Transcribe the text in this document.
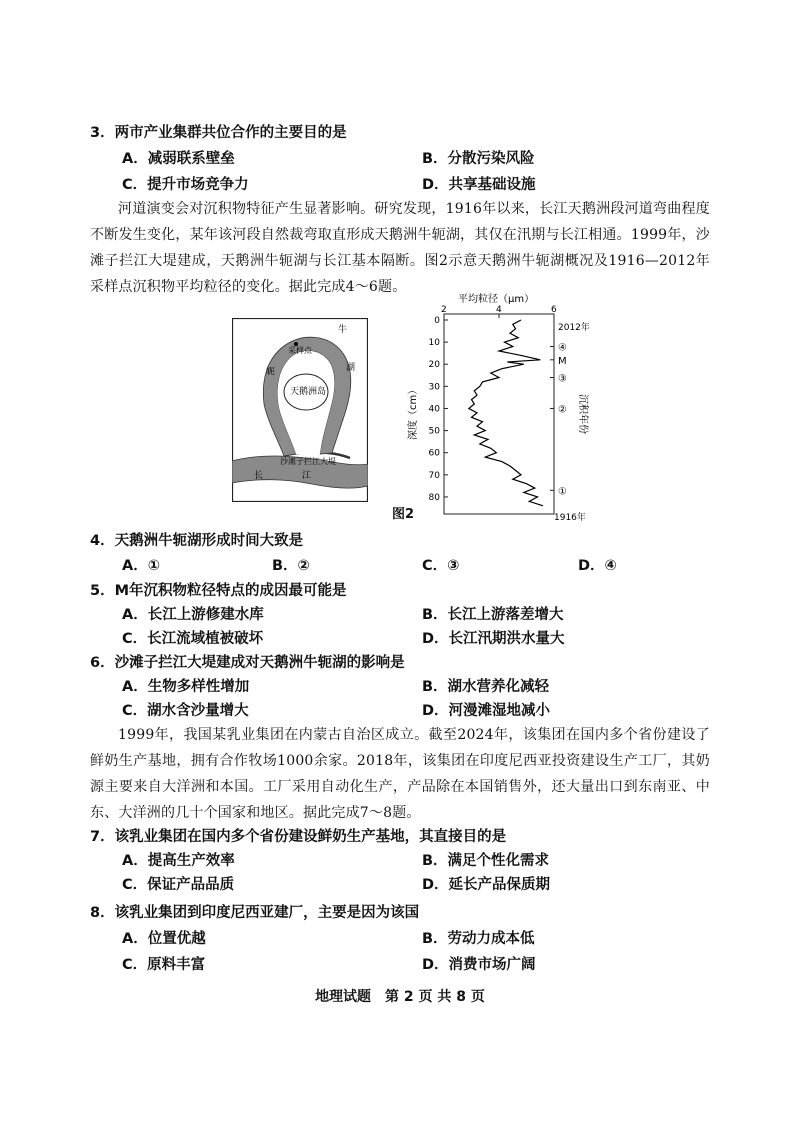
3．两市产业集群共位合作的主要目的是
A．减弱联系壁垒	B．分散污染风险
C．提升市场竞争力	D．共享基础设施
河道演变会对沉积物特征产生显著影响。研究发现，1916年以来，长江天鹅洲段河道弯曲程度不断发生变化，某年该河段自然裁弯取直形成天鹅洲牛轭湖，其仅在汛期与长江相通。1999年，沙滩子拦江大堤建成，天鹅洲牛轭湖与长江基本隔断。图2示意天鹅洲牛轭湖概况及1916—2012年采样点沉积物平均粒径的变化。据此完成4～6题。
采样点
牛
轭	湖
天鹅洲岛
沙滩子拦江大堤
长	江
平均粒径（μm）
深度（cm）	沉积年份
2012年
1916年
2	4	6
0
10
20
30
40
50
60
70
80
④
M
③
②
①
图2
4．天鹅洲牛轭湖形成时间大致是
A．①	B．②	C．③	D．④
5．M年沉积物粒径特点的成因最可能是
A．长江上游修建水库	B．长江上游落差增大
C．长江流域植被破坏	D．长江汛期洪水量大
6．沙滩子拦江大堤建成对天鹅洲牛轭湖的影响是
A．生物多样性增加	B．湖水营养化减轻
C．湖水含沙量增大	D．河漫滩湿地减小
1999年，我国某乳业集团在内蒙古自治区成立。截至2024年，该集团在国内多个省份建设了鲜奶生产基地，拥有合作牧场1000余家。2018年，该集团在印度尼西亚投资建设生产工厂，其奶源主要来自大洋洲和本国。工厂采用自动化生产，产品除在本国销售外，还大量出口到东南亚、中东、大洋洲的几十个国家和地区。据此完成7～8题。
7．该乳业集团在国内多个省份建设鲜奶生产基地，其直接目的是
A．提高生产效率	B．满足个性化需求
C．保证产品品质	D．延长产品保质期
8．该乳业集团到印度尼西亚建厂，主要是因为该国
A．位置优越	B．劳动力成本低
C．原料丰富	D．消费市场广阔
地理试题　第 2 页 共 8 页
